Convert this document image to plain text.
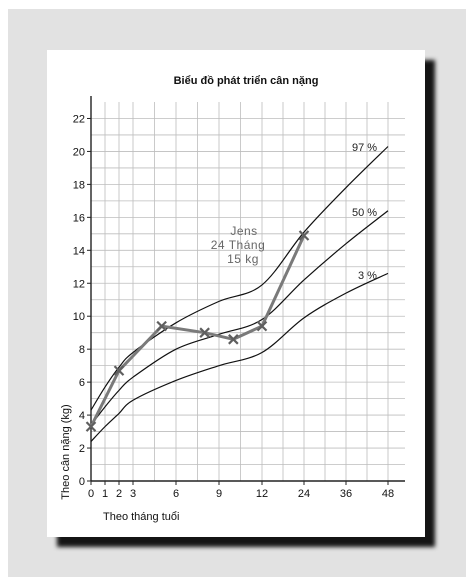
0
2
4
6
8
10
12
14
16
18
20
22
0 1 2 3	6	9	12	24	36	48
Biểu đồ phát triển cân nặng
Theo tháng tuổi
Theo cân nặng (kg)
97 %
50 %
3 %
Jens
24 Tháng
15 kg
